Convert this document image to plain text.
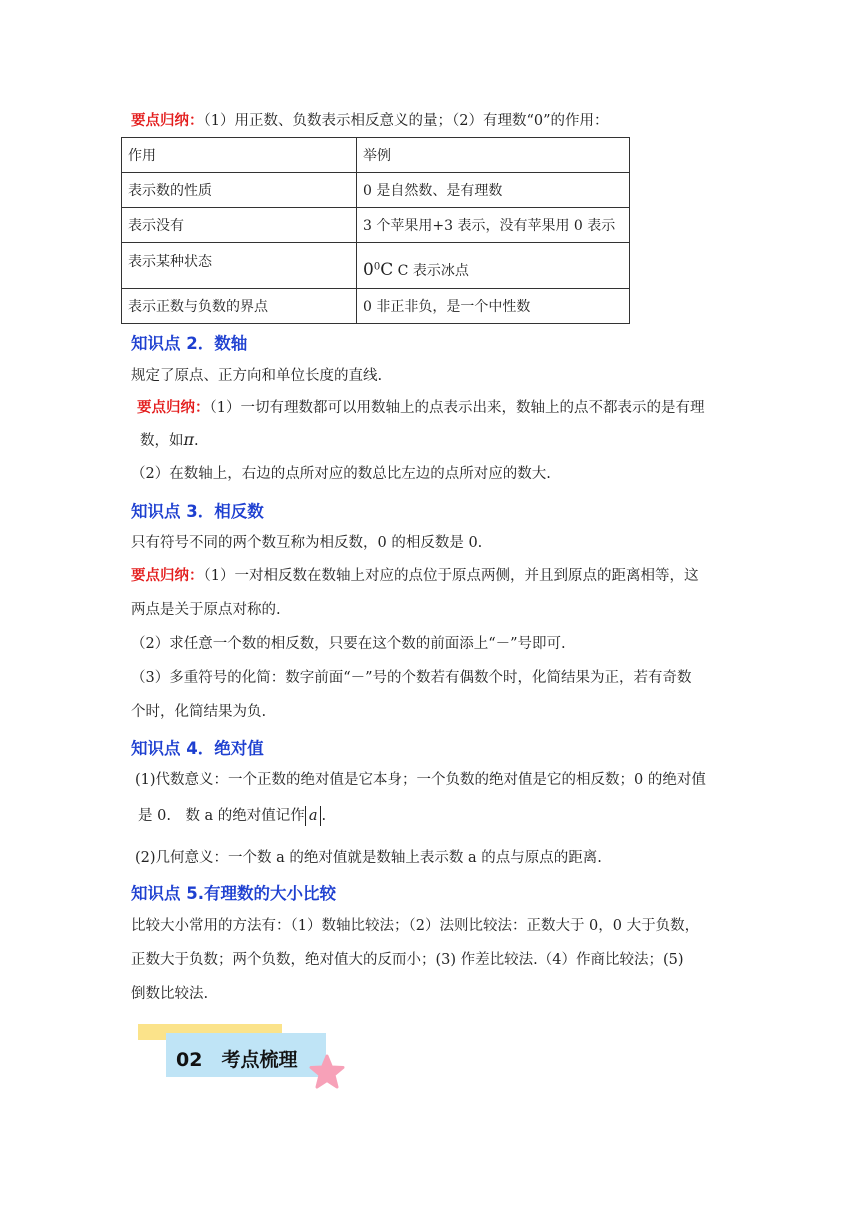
要点归纳：（1）用正数、负数表示相反意义的量；（2）有理数“0”的作用：
作用	举例
表示数的性质	0 是自然数、是有理数
表示没有	3 个苹果用+3 表示，没有苹果用 0 表示
表示某种状态	$0^0C$ C 表示冰点
表示正数与负数的界点	0 非正非负，是一个中性数
知识点 2．数轴
规定了原点、正方向和单位长度的直线.
要点归纳：（1）一切有理数都可以用数轴上的点表示出来，数轴上的点不都表示的是有理
数，如π.
（2）在数轴上，右边的点所对应的数总比左边的点所对应的数大.
知识点 3．相反数
只有符号不同的两个数互称为相反数，0 的相反数是 0.
要点归纳：（1）一对相反数在数轴上对应的点位于原点两侧，并且到原点的距离相等，这
两点是关于原点对称的.
（2）求任意一个数的相反数，只要在这个数的前面添上“－”号即可.
（3）多重符号的化简：数字前面“－”号的个数若有偶数个时，化简结果为正，若有奇数
个时，化简结果为负.
知识点 4．绝对值
(1)代数意义：一个正数的绝对值是它本身；一个负数的绝对值是它的相反数；0 的绝对值
是 0.　数 a 的绝对值记作 a .
(2)几何意义：一个数 a 的绝对值就是数轴上表示数 a 的点与原点的距离.
知识点 5.有理数的大小比较
比较大小常用的方法有：（1）数轴比较法；（2）法则比较法：正数大于 0，0 大于负数，
正数大于负数；两个负数，绝对值大的反而小；(3) 作差比较法.（4）作商比较法；(5)
倒数比较法.
02　考点梳理
